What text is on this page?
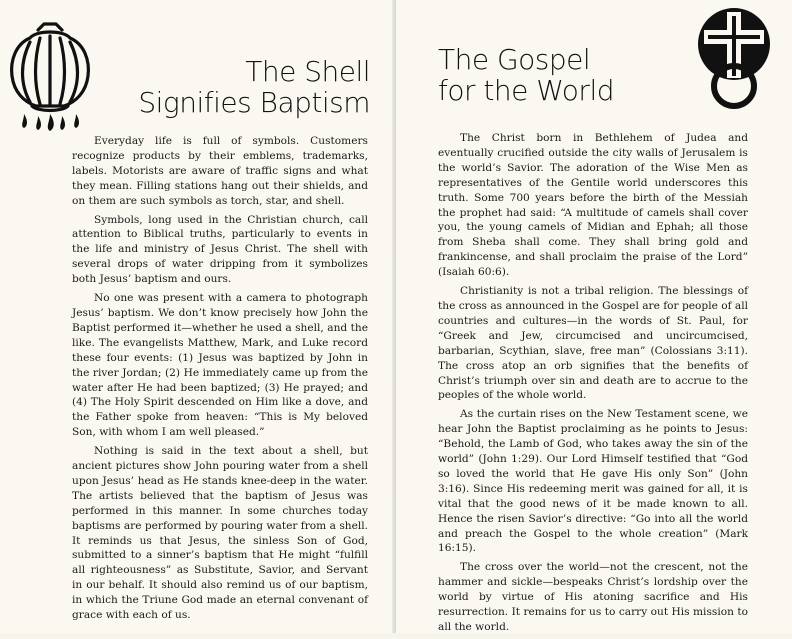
The Shell
Signifies Baptism

Everyday life is full of symbols. Customers recognize products by their emblems, trademarks, labels. Motorists are aware of traffic signs and what they mean. Filling stations hang out their shields, and on them are such symbols as torch, star, and shell.

Symbols, long used in the Christian church, call attention to Biblical truths, particularly to events in the life and ministry of Jesus Christ. The shell with several drops of water dripping from it symbolizes both Jesus’ baptism and ours.

No one was present with a camera to photograph Jesus’ baptism. We don’t know precisely how John the Baptist performed it—whether he used a shell, and the like. The evangelists Matthew, Mark, and Luke record these four events: (1) Jesus was baptized by John in the river Jordan; (2) He immediately came up from the water after He had been baptized; (3) He prayed; and (4) The Holy Spirit descended on Him like a dove, and the Father spoke from heaven: “This is My beloved Son, with whom I am well pleased.”

Nothing is said in the text about a shell, but ancient pictures show John pouring water from a shell upon Jesus’ head as He stands knee-deep in the water. The artists believed that the baptism of Jesus was performed in this manner. In some churches today baptisms are performed by pouring water from a shell. It reminds us that Jesus, the sinless Son of God, submitted to a sinner’s baptism that He might “fulfill all righteousness” as Substitute, Savior, and Servant in our behalf. It should also remind us of our baptism, in which the Triune God made an eternal convenant of grace with each of us.

The Gospel
for the World

The Christ born in Bethlehem of Judea and eventually crucified outside the city walls of Jerusalem is the world’s Savior. The adoration of the Wise Men as representatives of the Gentile world underscores this truth. Some 700 years before the birth of the Messiah the prophet had said: “A multitude of camels shall cover you, the young camels of Midian and Ephah; all those from Sheba shall come. They shall bring gold and frankincense, and shall proclaim the praise of the Lord” (Isaiah 60:6).

Christianity is not a tribal religion. The blessings of the cross as announced in the Gospel are for people of all countries and cultures—in the words of St. Paul, for “Greek and Jew, circumcised and uncircumcised, barbarian, Scythian, slave, free man” (Colossians 3:11). The cross atop an orb signifies that the benefits of Christ’s triumph over sin and death are to accrue to the peoples of the whole world.

As the curtain rises on the New Testament scene, we hear John the Baptist proclaiming as he points to Jesus: “Behold, the Lamb of God, who takes away the sin of the world” (John 1:29). Our Lord Himself testified that “God so loved the world that He gave His only Son” (John 3:16). Since His redeeming merit was gained for all, it is vital that the good news of it be made known to all. Hence the risen Savior’s directive: “Go into all the world and preach the Gospel to the whole creation” (Mark 16:15).

The cross over the world—not the crescent, not the hammer and sickle—bespeaks Christ’s lordship over the world by virtue of His atoning sacrifice and His resurrection. It remains for us to carry out His mission to all the world.
